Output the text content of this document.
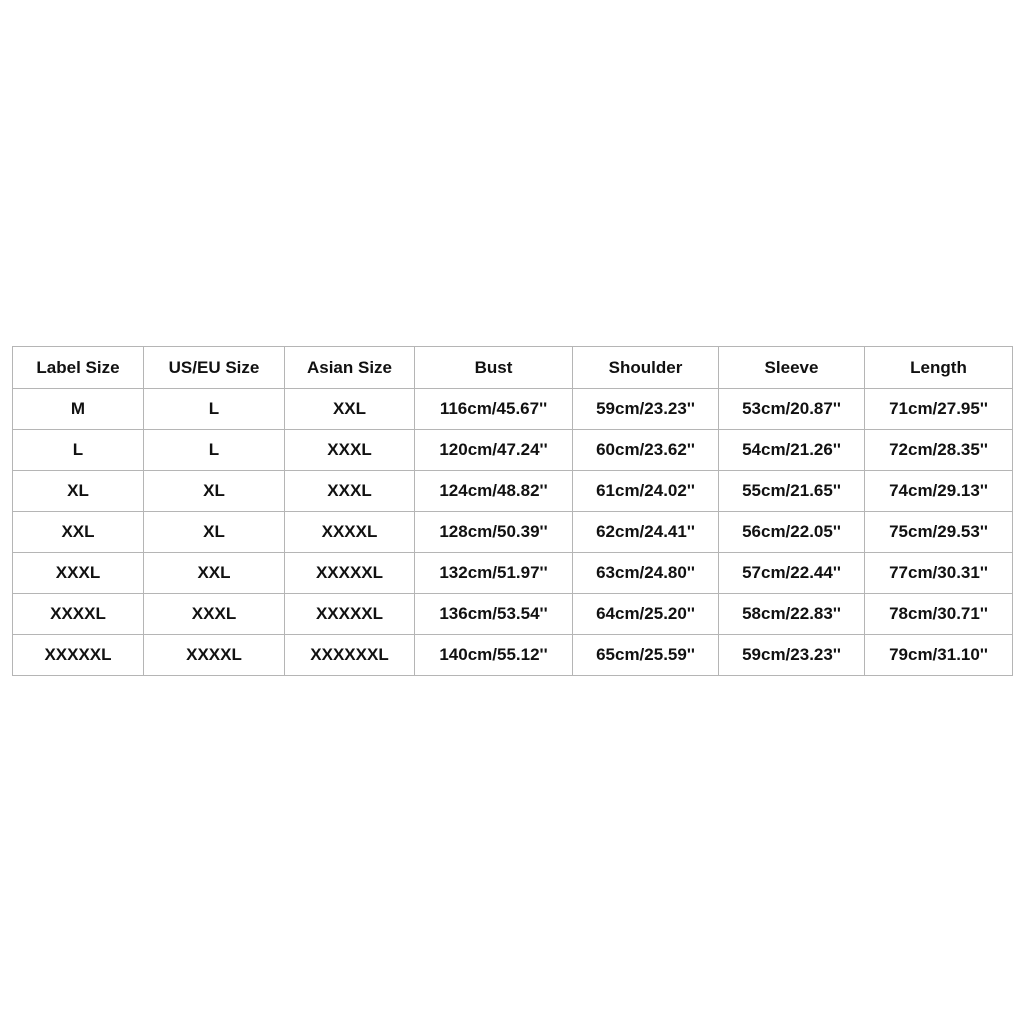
Label Size	US/EU Size	Asian Size	Bust	Shoulder	Sleeve	Length
M	L	XXL	116cm/45.67''	59cm/23.23''	53cm/20.87''	71cm/27.95''
L	L	XXXL	120cm/47.24''	60cm/23.62''	54cm/21.26''	72cm/28.35''
XL	XL	XXXL	124cm/48.82''	61cm/24.02''	55cm/21.65''	74cm/29.13''
XXL	XL	XXXXL	128cm/50.39''	62cm/24.41''	56cm/22.05''	75cm/29.53''
XXXL	XXL	XXXXXL	132cm/51.97''	63cm/24.80''	57cm/22.44''	77cm/30.31''
XXXXL	XXXL	XXXXXL	136cm/53.54''	64cm/25.20''	58cm/22.83''	78cm/30.71''
XXXXXL	XXXXL	XXXXXXL	140cm/55.12''	65cm/25.59''	59cm/23.23''	79cm/31.10''
